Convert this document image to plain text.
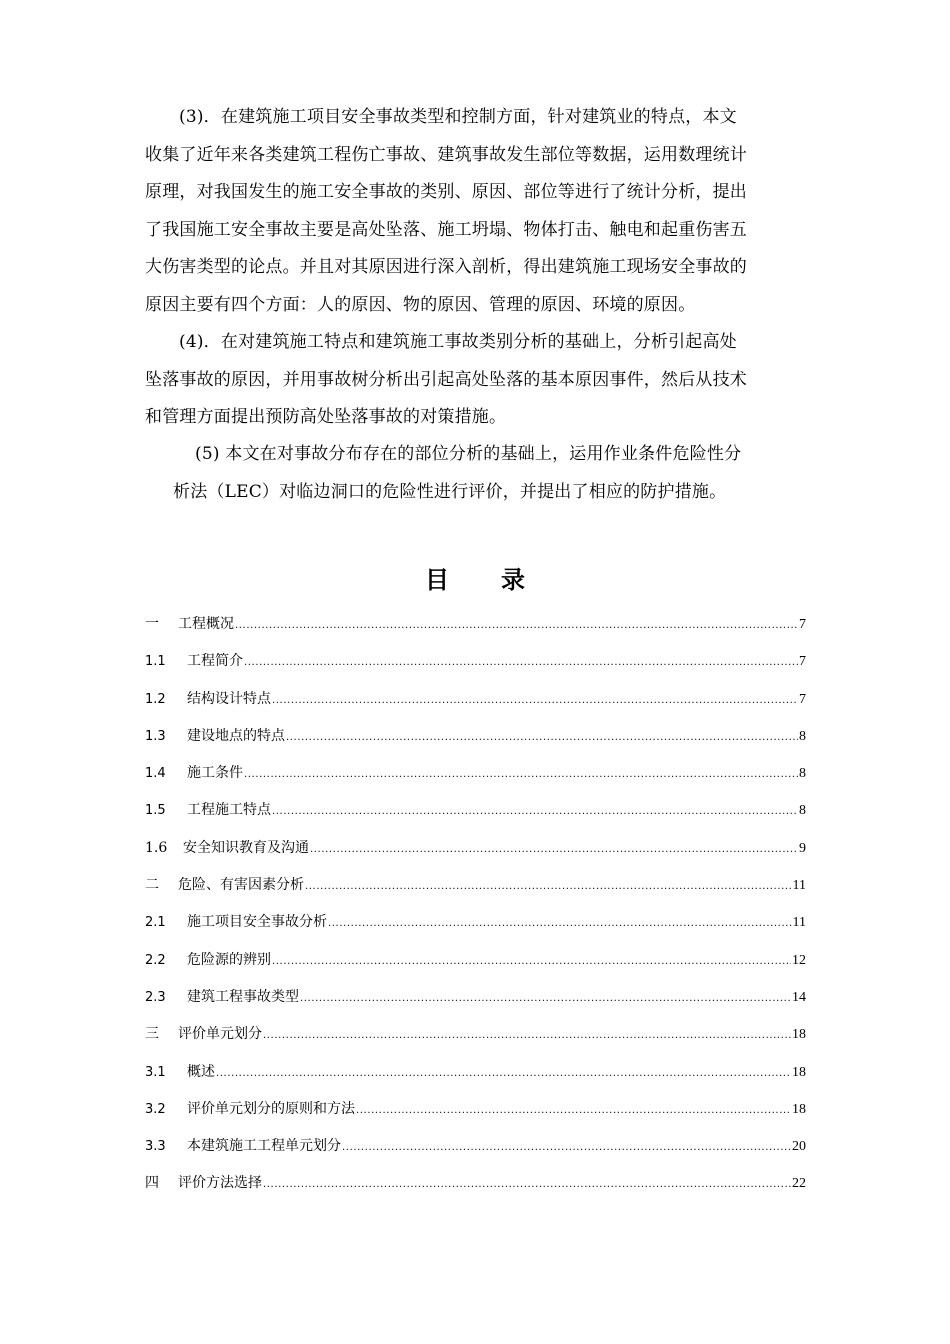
(3)．在建筑施工项目安全事故类型和控制方面，针对建筑业的特点，本文

收集了近年来各类建筑工程伤亡事故、建筑事故发生部位等数据，运用数理统计

原理，对我国发生的施工安全事故的类别、原因、部位等进行了统计分析，提出

了我国施工安全事故主要是高处坠落、施工坍塌、物体打击、触电和起重伤害五

大伤害类型的论点。并且对其原因进行深入剖析，得出建筑施工现场安全事故的

原因主要有四个方面：人的原因、物的原因、管理的原因、环境的原因。

(4)．在对建筑施工特点和建筑施工事故类别分析的基础上，分析引起高处

坠落事故的原因，并用事故树分析出引起高处坠落的基本原因事件，然后从技术

和管理方面提出预防高处坠落事故的对策措施。

(5) 本文在对事故分布存在的部位分析的基础上，运用作业条件危险性分

析法（LEC）对临边洞口的危险性进行评价，并提出了相应的防护措施。

目 录
一	工程概况 .....	7
1.1	工程简介 .....	7
1.2	结构设计特点 .....	7
1.3	建设地点的特点 .....	8
1.4	施工条件 .....	8
1.5	工程施工特点 .....	8
1.6	安全知识教育及沟通 .....	9
二	危险、有害因素分析 .....	11
2.1	施工项目安全事故分析 .....	11
2.2	危险源的辨别 .....	12
2.3	建筑工程事故类型 .....	14
三	评价单元划分 .....	18
3.1	概述 .....	18
3.2	评价单元划分的原则和方法 .....	18
3.3	本建筑施工工程单元划分 .....	20
四	评价方法选择 .....	22
